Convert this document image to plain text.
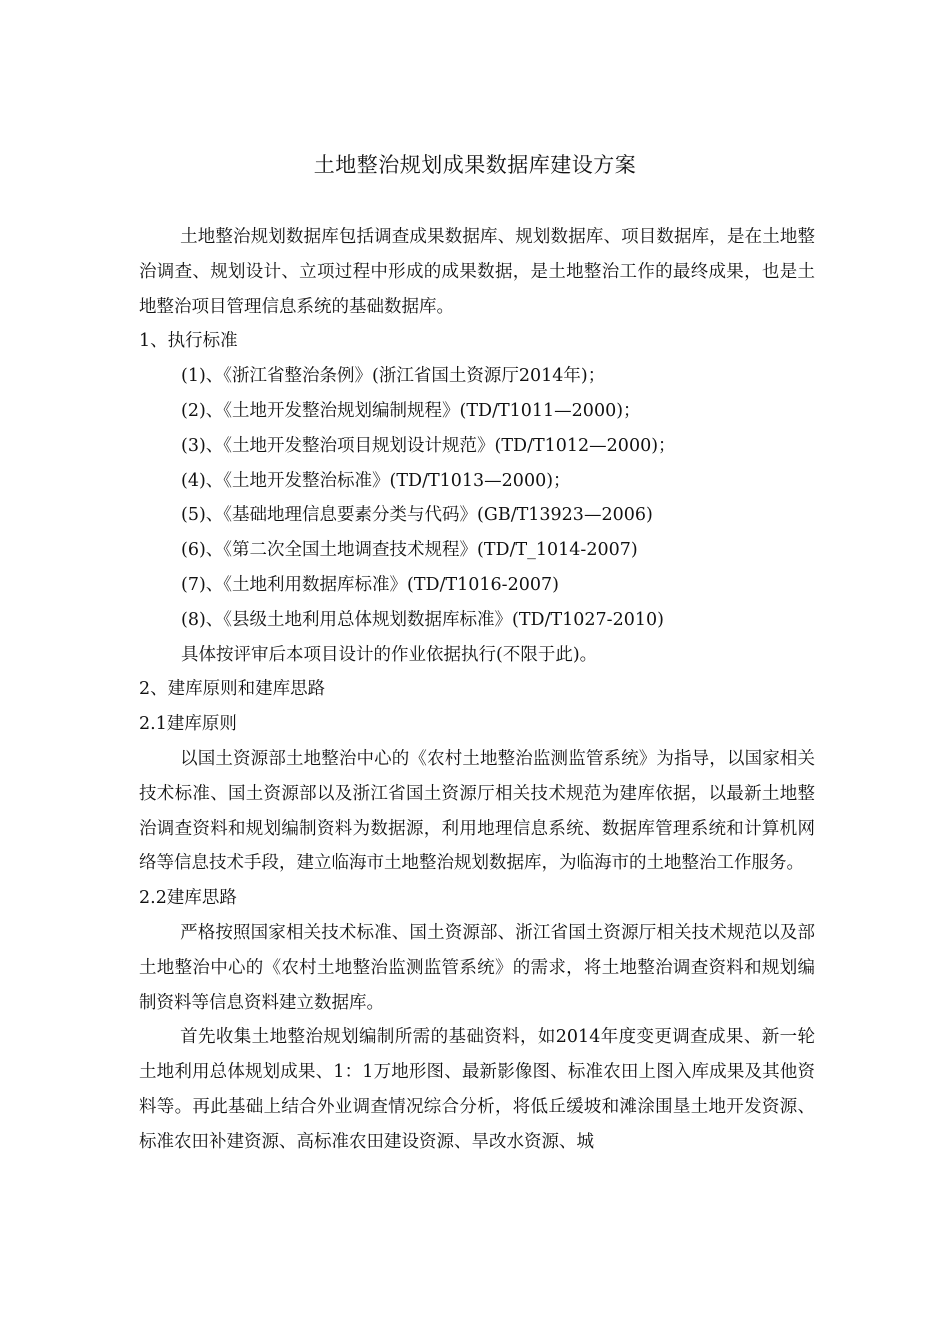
土地整治规划成果数据库建设方案

土地整治规划数据库包括调查成果数据库、规划数据库、项目数据库，是在土地整治调查、规划设计、立项过程中形成的成果数据，是土地整治工作的最终成果，也是土地整治项目管理信息系统的基础数据库。

1、执行标准

(1)、《浙江省整治条例》(浙江省国土资源厅2014年)；
(2)、《土地开发整治规划编制规程》(TD/T1011—2000)；
(3)、《土地开发整治项目规划设计规范》(TD/T1012—2000)；
(4)、《土地开发整治标准》(TD/T1013—2000)；
(5)、《基础地理信息要素分类与代码》(GB/T13923—2006)
(6)、《第二次全国土地调查技术规程》(TD/T_1014-2007)
(7)、《土地利用数据库标准》(TD/T1016-2007)
(8)、《县级土地利用总体规划数据库标准》(TD/T1027-2010)

具体按评审后本项目设计的作业依据执行(不限于此)。

2、建库原则和建库思路

2.1建库原则

以国土资源部土地整治中心的《农村土地整治监测监管系统》为指导，以国家相关技术标准、国土资源部以及浙江省国土资源厅相关技术规范为建库依据，以最新土地整治调查资料和规划编制资料为数据源，利用地理信息系统、数据库管理系统和计算机网络等信息技术手段，建立临海市土地整治规划数据库，为临海市的土地整治工作服务。

2.2建库思路

严格按照国家相关技术标准、国土资源部、浙江省国土资源厅相关技术规范以及部土地整治中心的《农村土地整治监测监管系统》的需求，将土地整治调查资料和规划编制资料等信息资料建立数据库。

首先收集土地整治规划编制所需的基础资料，如2014年度变更调查成果、新一轮土地利用总体规划成果、1：1万地形图、最新影像图、标准农田上图入库成果及其他资料等。再此基础上结合外业调查情况综合分析，将低丘缓坡和滩涂围垦土地开发资源、标准农田补建资源、高标准农田建设资源、旱改水资源、城
